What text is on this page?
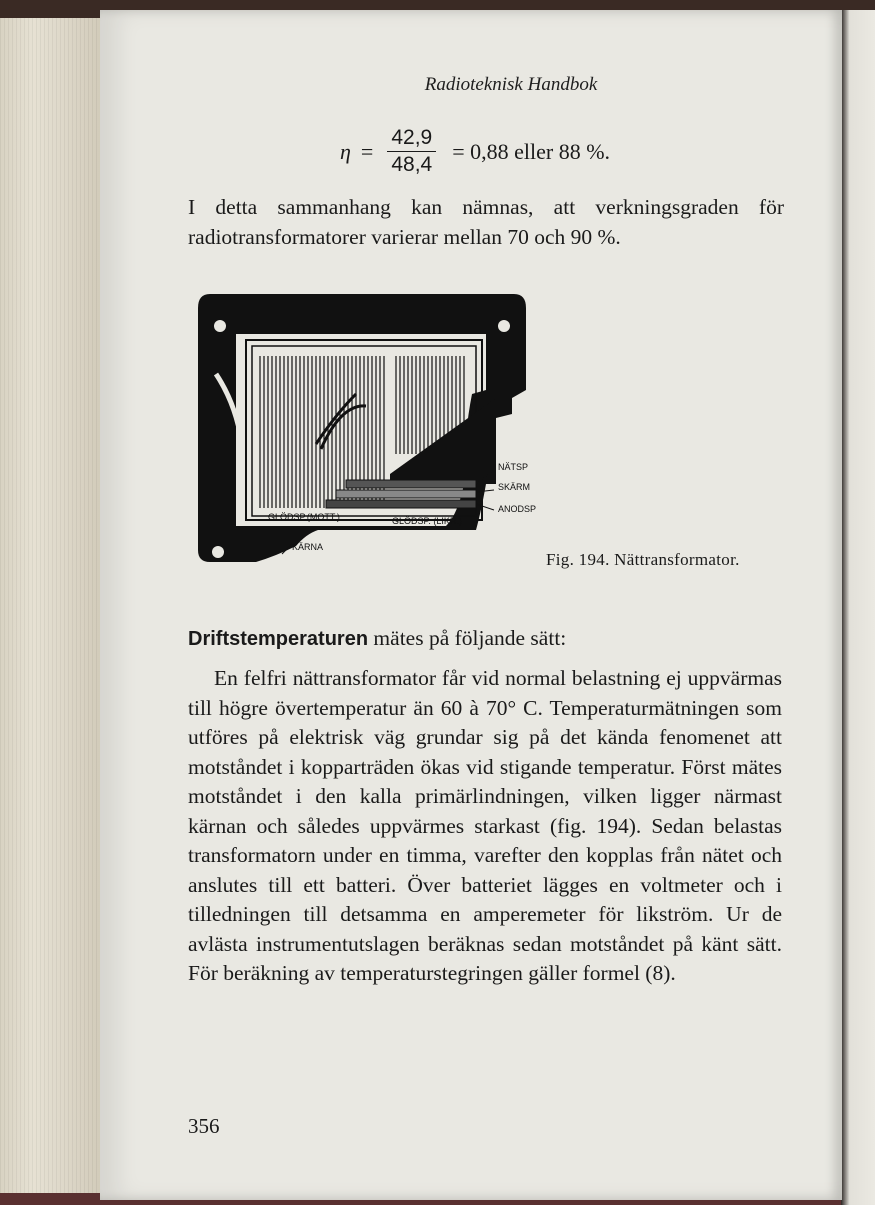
Radioteknisk Handbok
$\eta = \frac{42,9}{48,4} = 0,88$ eller 88 %.

I detta sammanhang kan nämnas, att verkningsgraden för radiotransformatorer varierar mellan 70 och 90 %.

NÄTSP
SKÄRM
ANODSP
GLÖDSP.(MOTT.)	GLÖDSP. (LIKR.)
KÄRNA
Fig. 194. Nättransformator.
Driftstemperaturen mätes på följande sätt:
En felfri nättransformator får vid normal belastning ej uppvärmas till högre övertemperatur än 60 à 70° C. Temperaturmätningen som utföres på elektrisk väg grundar sig på det kända fenomenet att motståndet i kopparträden ökas vid stigande temperatur. Först mätes motståndet i den kalla primärlindningen, vilken ligger närmast kärnan och således uppvärmes starkast (fig. 194). Sedan belastas transformatorn under en timma, varefter den kopplas från nätet och anslutes till ett batteri. Över batteriet lägges en voltmeter och i tilledningen till detsamma en amperemeter för likström. Ur de avlästa instrumentutslagen beräknas sedan motståndet på känt sätt. För beräkning av temperaturstegringen gäller formel (8).
356
